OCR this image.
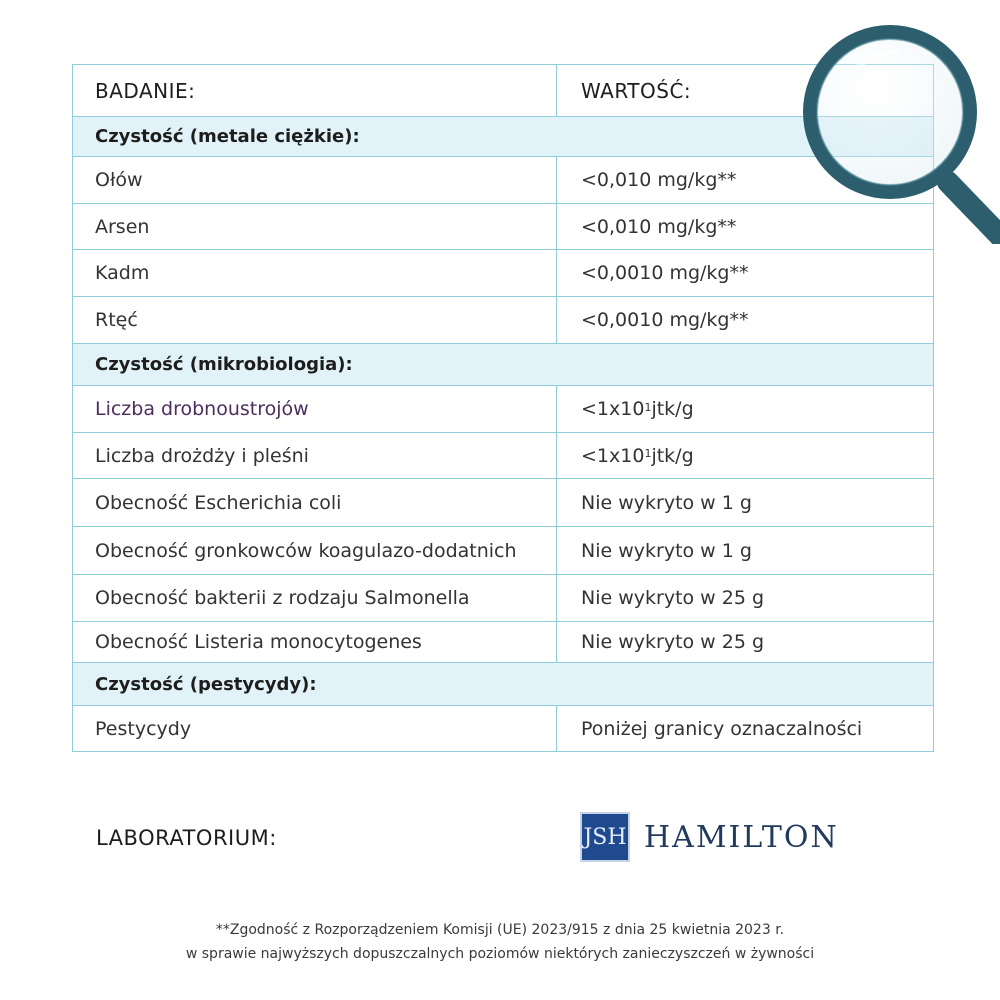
BADANIE:	WARTOŚĆ:
Czystość (metale ciężkie):
Ołów	<0,010 mg/kg**
Arsen	<0,010 mg/kg**
Kadm	<0,0010 mg/kg**
Rtęć	<0,0010 mg/kg**
Czystość (mikrobiologia):
Liczba drobnoustrojów	$<1x10^1$ jtk/g
Liczba drożdży i pleśni	$<1x10^1$ jtk/g
Obecność Escherichia coli	Nie wykryto w 1 g
Obecność gronkowców koagulazo-dodatnich	Nie wykryto w 1 g
Obecność bakterii z rodzaju Salmonella	Nie wykryto w 25 g
Obecność Listeria monocytogenes	Nie wykryto w 25 g
Czystość (pestycydy):
Pestycydy	Poniżej granicy oznaczalności
LABORATORIUM:	JSH HAMILTON
**Zgodność z Rozporządzeniem Komisji (UE) 2023/915 z dnia 25 kwietnia 2023 r.
w sprawie najwyższych dopuszczalnych poziomów niektórych zanieczyszczeń w żywności
